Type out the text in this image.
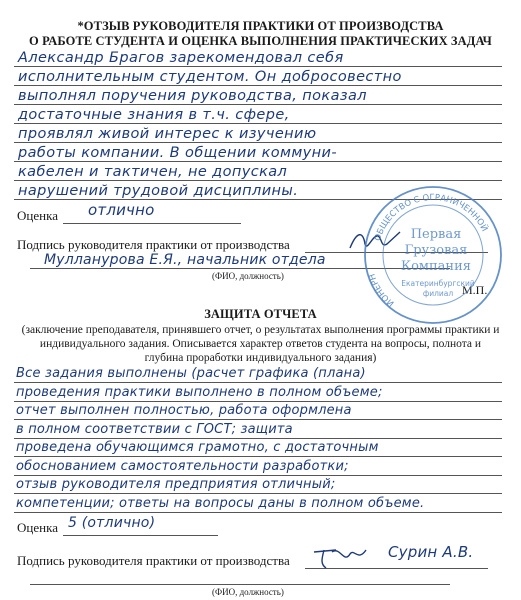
*ОТЗЫВ РУКОВОДИТЕЛЯ ПРАКТИКИ ОТ ПРОИЗВОДСТВА
О РАБОТЕ СТУДЕНТА И ОЦЕНКА ВЫПОЛНЕНИЯ ПРАКТИЧЕСКИХ ЗАДАЧ
Александр Брагов зарекомендовал себя
исполнительным студентом. Он добросовестно
выполнял поручения руководства, показал
достаточные знания в т.ч. сфере,
проявлял живой интерес к изучению
работы компании. В общении коммуни-
кабелен и тактичен, не допускал
нарушений трудовой дисциплины.
Оценка отлично
Подпись руководителя практики от производства
Мулланурова Е.Я., начальник отдела
(ФИО, должность)
М.П.
ОБЩЕСТВО С ОГРАНИЧЕННОЙ
ИОНЕРН
Первая
Грузовая
Компания
Екатеринбургский
филиал
ЗАЩИТА ОТЧЕТА
(заключение преподавателя, принявшего отчет, о результатах выполнения программы практики и индивидуального задания. Описывается характер ответов студента на вопросы, полнота и глубина проработки индивидуального задания)
Все задания выполнены (расчет графика (плана)
проведения практики выполнено в полном объеме;
отчет выполнен полностью, работа оформлена
в полном соответствии с ГОСТ; защита
проведена обучающимся грамотно, с достаточным
обоснованием самостоятельности разработки;
отзыв руководителя предприятия отличный;
компетенции; ответы на вопросы даны в полном объеме.
Оценка 5 (отлично)
Подпись руководителя практики от производства	Сурин А.В.
(ФИО, должность)
